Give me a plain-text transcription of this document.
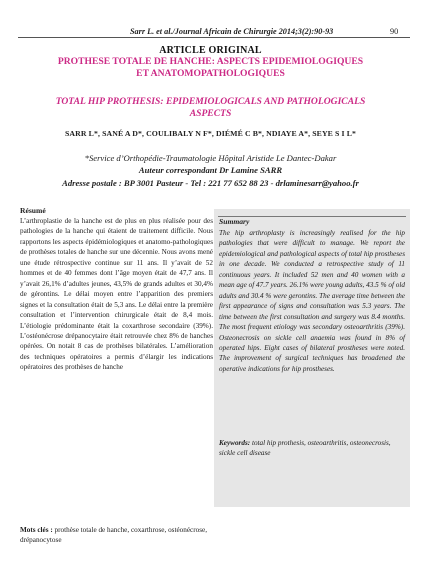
Sarr L. et al./Journal Africain de Chirurgie 2014;3(2):90-93	90
ARTICLE ORIGINAL
PROTHESE TOTALE DE HANCHE: ASPECTS EPIDEMIOLOGIQUES
ET ANATOMOPATHOLOGIQUES
TOTAL HIP PROTHESIS: EPIDEMIOLOGICALS AND PATHOLOGICALS
ASPECTS
SARR L*, SANÉ A D*, COULIBALY N F*, DIÉMÉ C B*, NDIAYE A*, SEYE S I L*
*Service d’Orthopédie-Traumatologie Hôpital Aristide Le Dantec-Dakar
Auteur correspondant Dr Lamine SARR
Adresse postale : BP 3001 Pasteur - Tel : 221 77 652 88 23 - drlaminesarr@yahoo.fr
Résumé

L’arthroplastie de la hanche est de plus en plus réalisée pour des pathologies de la hanche qui étaient de traitement difficile. Nous rapportons les aspects épidémiologiques et anatomo-pathologiques de prothèses totales de hanche sur une décennie. Nous avons mené une étude rétrospective continue sur 11 ans. Il y’avait de 52 hommes et de 40 femmes dont l’âge moyen était de 47,7 ans. Il y’avait 26,1% d’adultes jeunes, 43,5% de grands adultes et 30,4% de gérontins. Le délai moyen entre l’apparition des premiers signes et la consultation était de 5,3 ans. Le délai entre la première consultation et l’intervention chirurgicale était de 8,4 mois. L’étiologie prédominante était la coxarthrose secondaire (39%). L’ostéonécrose drépanocytaire était retrouvée chez 8% de hanches opérées. On notait 8 cas de prothèses bilatérales. L’amélioration des techniques opératoires a permis d’élargir les indications opératoires des prothèses de hanche

Mots clés : prothèse totale de hanche, coxarthrose, ostéonécrose, drépanocytose
Summary

The hip arthroplasty is increasingly realised for the hip pathologies that were difficult to manage. We report the epidemiological and pathological aspects of total hip prostheses in one decade. We conducted a retrospective study of 11 continuous years. It included 52 men and 40 women with a mean age of 47.7 years. 26.1% were young adults, 43.5 % of old adults and 30.4 % were gerontins. The average time between the first appearance of signs and consultation was 5.3 years. The time between the first consultation and surgery was 8.4 months. The most frequent etiology was secondary osteoarthritis (39%). Osteonecrosis on sickle cell anaemia was found in 8% of operated hips. Eight cases of bilateral prostheses were noted. The improvement of surgical techniques has broadened the operative indications for hip prostheses.

Keywords: total hip prothesis, osteoarthritis, osteonecrosis, sickle cell disease
